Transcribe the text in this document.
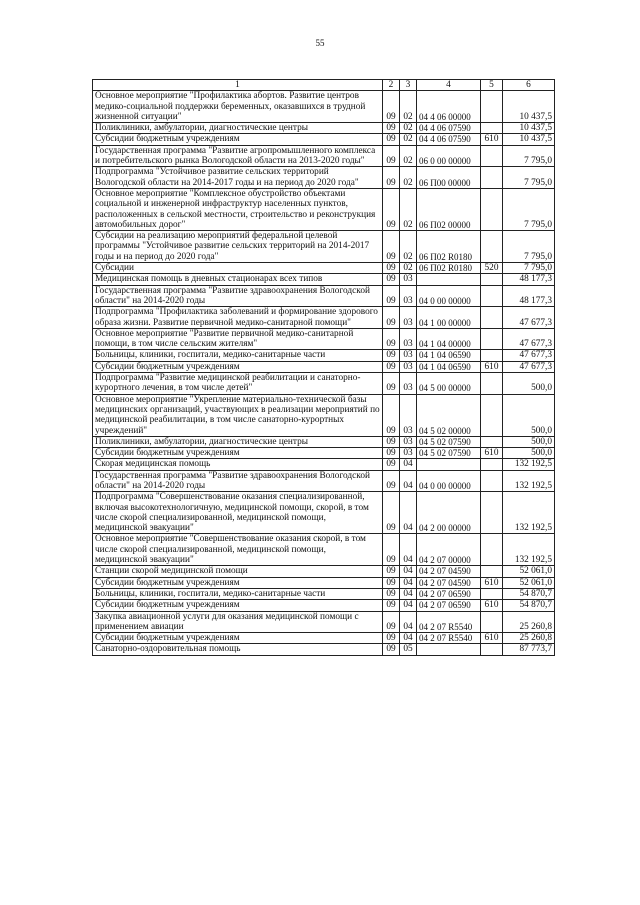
55
1	2	3	4	5	6
Основное мероприятие "Профилактика абортов. Развитие центров медико-социальной поддержки беременных, оказавшихся в трудной жизненной ситуации"	09	02	04 4 06 00000		10 437,5
Поликлиники, амбулатории, диагностические центры	09	02	04 4 06 07590		10 437,5
Субсидии бюджетным учреждениям	09	02	04 4 06 07590	610	10 437,5
Государственная программа "Развитие агропромышленного комплекса и потребительского рынка Вологодской области на 2013-2020 годы"	09	02	06 0 00 00000		7 795,0
Подпрограмма "Устойчивое развитие сельских территорий Вологодской области на 2014-2017 годы и на период до 2020 года"	09	02	06 П00 00000		7 795,0
Основное мероприятие "Комплексное обустройство объектами социальной и инженерной инфраструктур населенных пунктов, расположенных в сельской местности, строительство и реконструкция автомобильных дорог"	09	02	06 П02 00000		7 795,0
Субсидии на реализацию мероприятий федеральной целевой программы "Устойчивое развитие сельских территорий на 2014-2017 годы и на период до 2020 года"	09	02	06 П02 R0180		7 795,0
Субсидии	09	02	06 П02 R0180	520	7 795,0
Медицинская помощь в дневных стационарах всех типов	09	03			48 177,3
Государственная программа "Развитие здравоохранения Вологодской области" на 2014-2020 годы	09	03	04 0 00 00000		48 177,3
Подпрограмма "Профилактика заболеваний и формирование здорового образа жизни. Развитие первичной медико-санитарной помощи"	09	03	04 1 00 00000		47 677,3
Основное мероприятие "Развитие первичной медико-санитарной помощи, в том числе сельским жителям"	09	03	04 1 04 00000		47 677,3
Больницы, клиники, госпитали, медико-санитарные части	09	03	04 1 04 06590		47 677,3
Субсидии бюджетным учреждениям	09	03	04 1 04 06590	610	47 677,3
Подпрограмма "Развитие медицинской реабилитации и санаторно-курортного лечения, в том числе детей"	09	03	04 5 00 00000		500,0
Основное мероприятие "Укрепление материально-технической базы медицинских организаций, участвующих в реализации мероприятий по медицинской реабилитации, в том числе санаторно-курортных учреждений"	09	03	04 5 02 00000		500,0
Поликлиники, амбулатории, диагностические центры	09	03	04 5 02 07590		500,0
Субсидии бюджетным учреждениям	09	03	04 5 02 07590	610	500,0
Скорая медицинская помощь	09	04			132 192,5
Государственная программа "Развитие здравоохранения Вологодской области" на 2014-2020 годы	09	04	04 0 00 00000		132 192,5
Подпрограмма "Совершенствование оказания специализированной, включая высокотехнологичную, медицинской помощи, скорой, в том числе скорой специализированной, медицинской помощи, медицинской эвакуации"	09	04	04 2 00 00000		132 192,5
Основное мероприятие "Совершенствование оказания скорой, в том числе скорой специализированной, медицинской помощи, медицинской эвакуации"	09	04	04 2 07 00000		132 192,5
Станции скорой медицинской помощи	09	04	04 2 07 04590		52 061,0
Субсидии бюджетным учреждениям	09	04	04 2 07 04590	610	52 061,0
Больницы, клиники, госпитали, медико-санитарные части	09	04	04 2 07 06590		54 870,7
Субсидии бюджетным учреждениям	09	04	04 2 07 06590	610	54 870,7
Закупка авиационной услуги для оказания медицинской помощи с применением авиации	09	04	04 2 07 R5540		25 260,8
Субсидии бюджетным учреждениям	09	04	04 2 07 R5540	610	25 260,8
Санаторно-оздоровительная помощь	09	05			87 773,7
